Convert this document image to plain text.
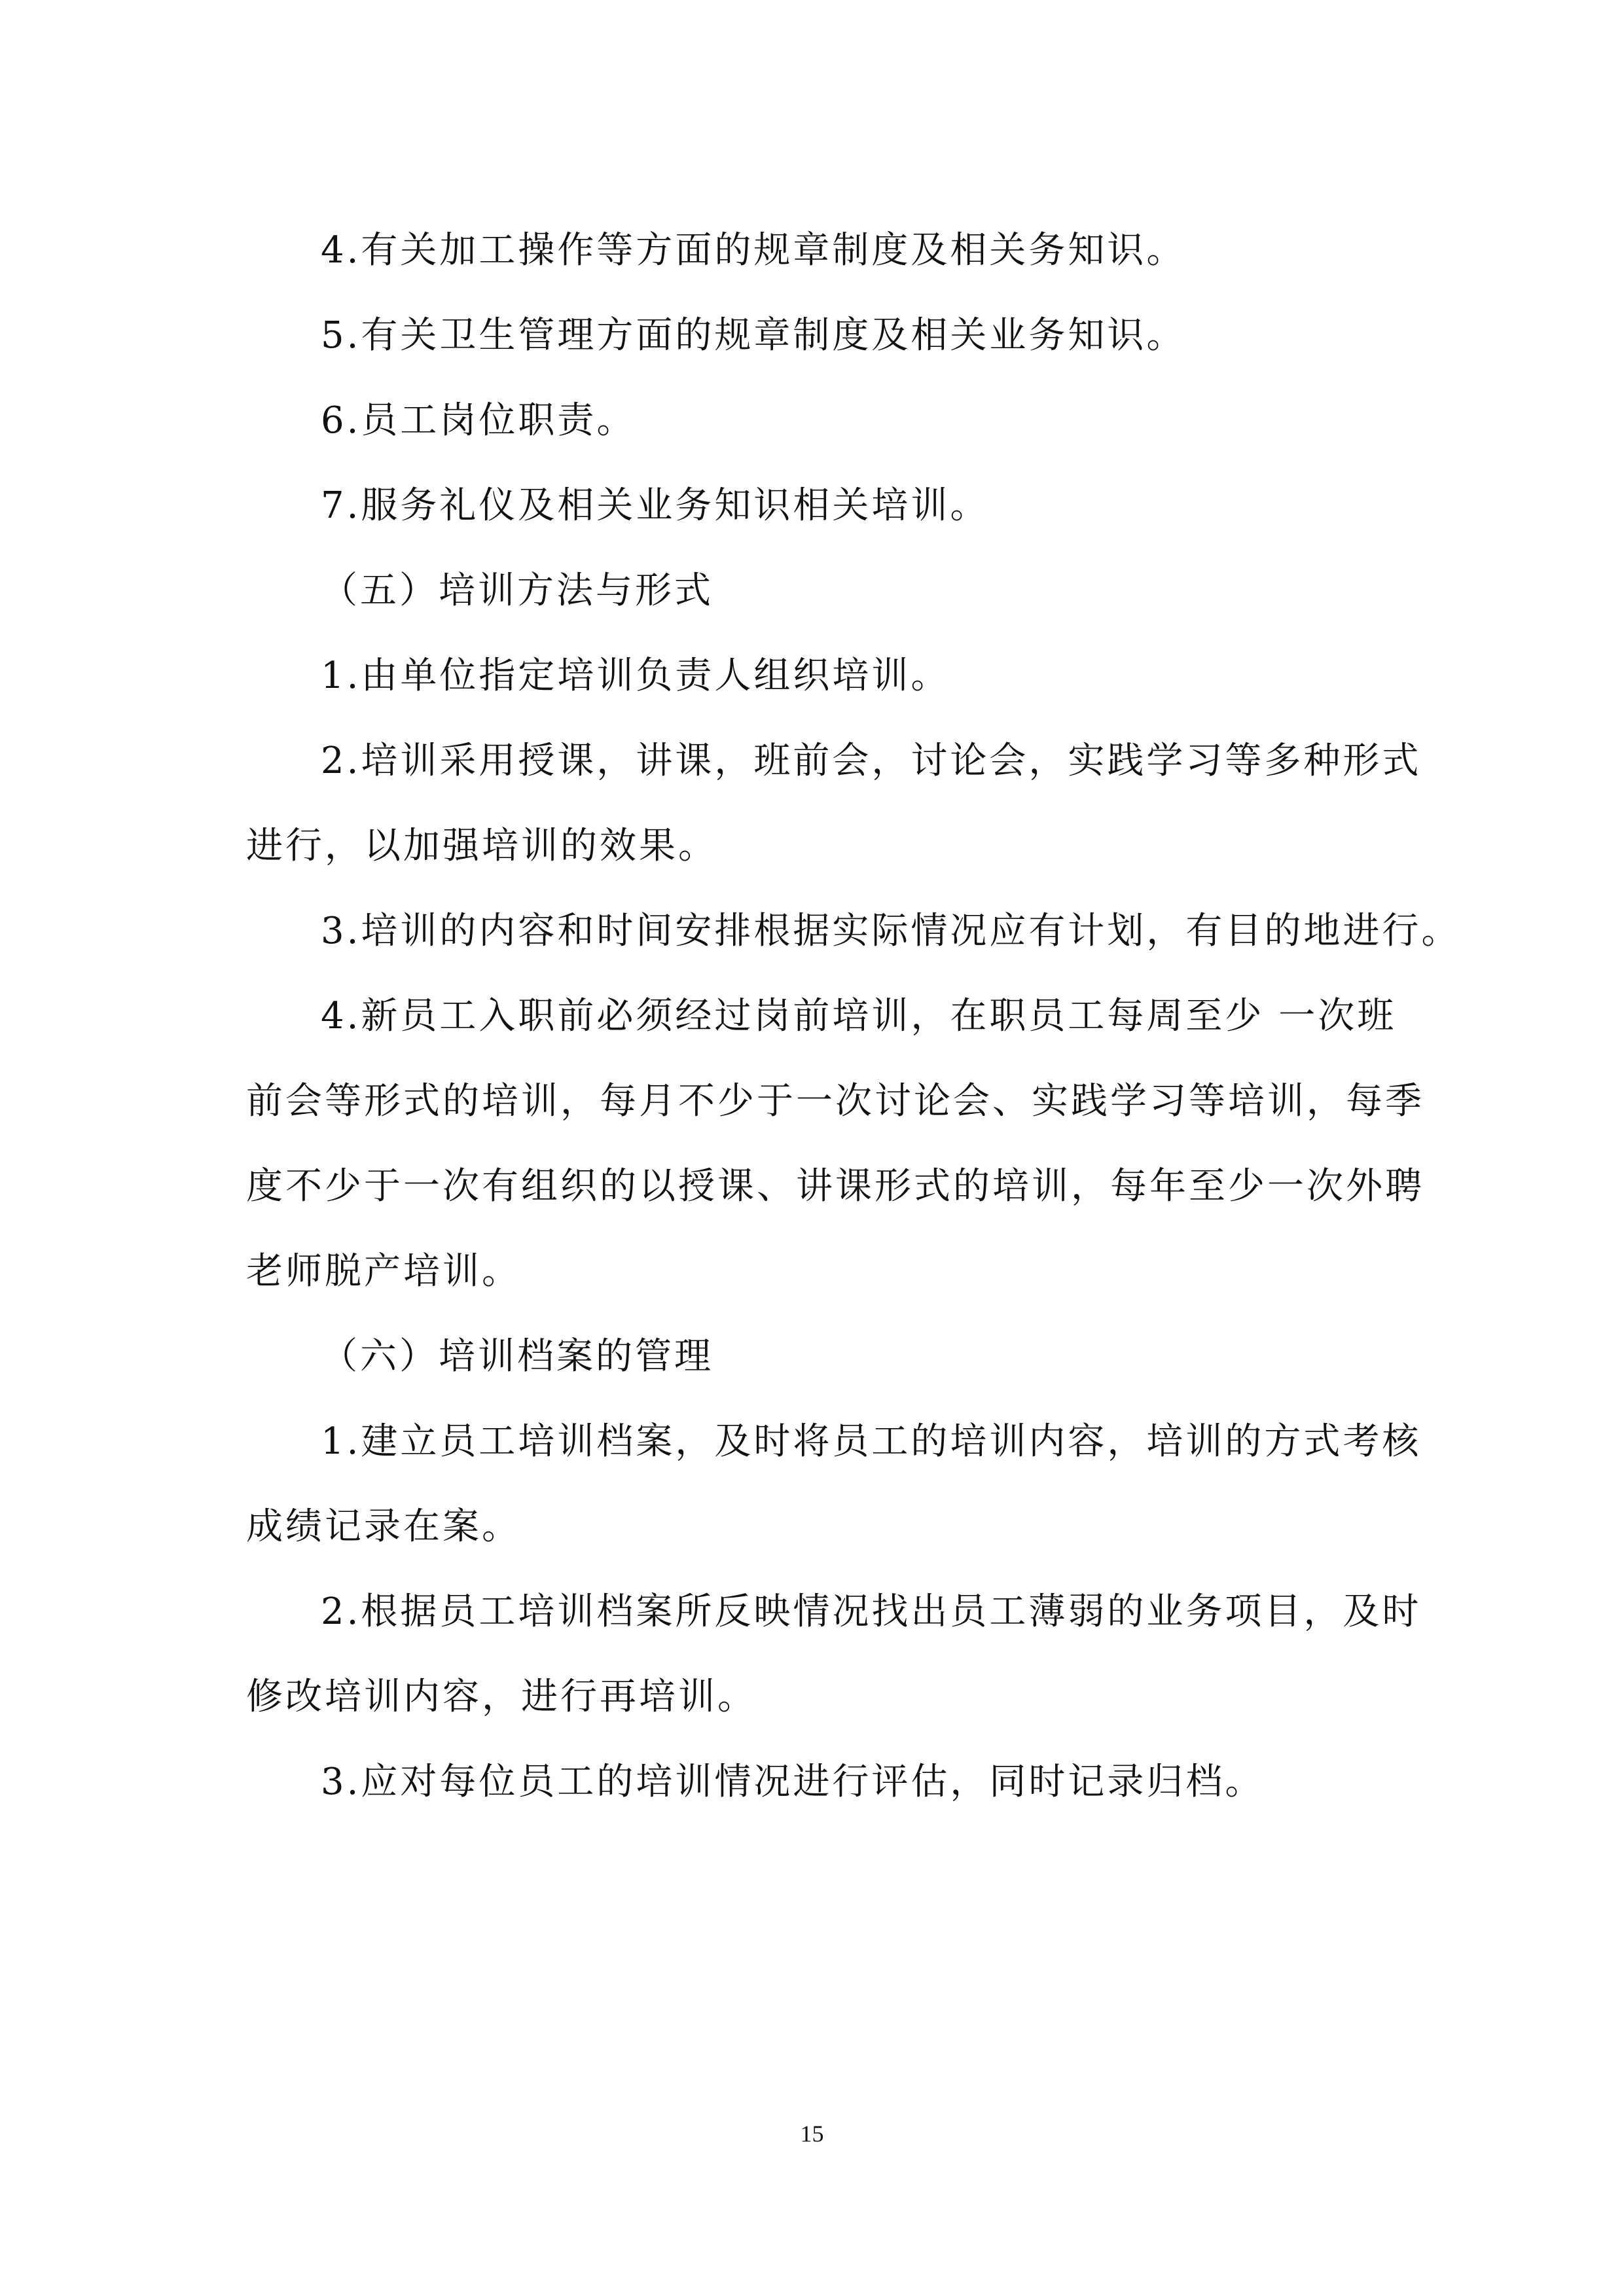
4.有关加工操作等方面的规章制度及相关务知识。
5.有关卫生管理方面的规章制度及相关业务知识。
6.员工岗位职责。
7.服务礼仪及相关业务知识相关培训。
（五）培训方法与形式
1.由单位指定培训负责人组织培训。
2.培训采用授课，讲课，班前会，讨论会，实践学习等多种形式
进行，以加强培训的效果。
3.培训的内容和时间安排根据实际情况应有计划，有目的地进行。
4.新员工入职前必须经过岗前培训，在职员工每周至少 一次班
前会等形式的培训，每月不少于一次讨论会、实践学习等培训，每季
度不少于一次有组织的以授课、讲课形式的培训，每年至少一次外聘
老师脱产培训。
（六）培训档案的管理
1.建立员工培训档案，及时将员工的培训内容，培训的方式考核
成绩记录在案。
2.根据员工培训档案所反映情况找出员工薄弱的业务项目，及时
修改培训内容，进行再培训。
3.应对每位员工的培训情况进行评估，同时记录归档。
15
